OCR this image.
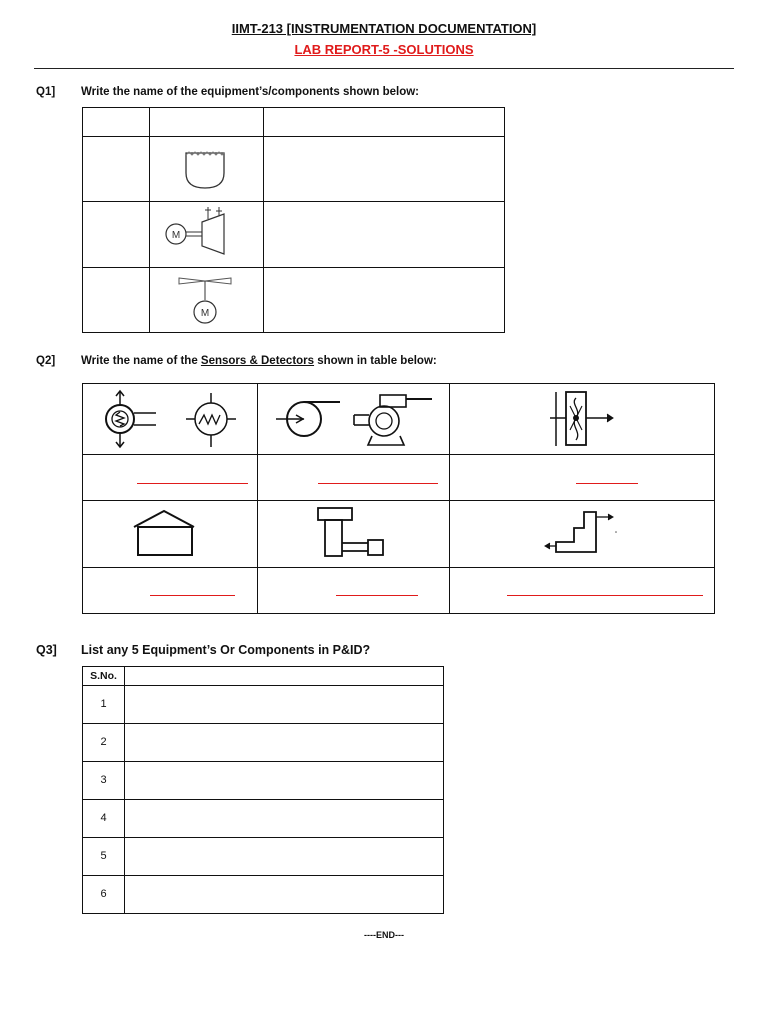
IIMT-213 [INSTRUMENTATION DOCUMENTATION]
LAB REPORT-5 -SOLUTIONS
Q1] Write the name of the equipment’s/components shown below:
M
M
Q2] Write the name of the Sensors & Detectors shown in table below:
Q3] List any 5 Equipment’s Or Components in P&ID?
S.No.
1
2
3
4
5
6
----END---
